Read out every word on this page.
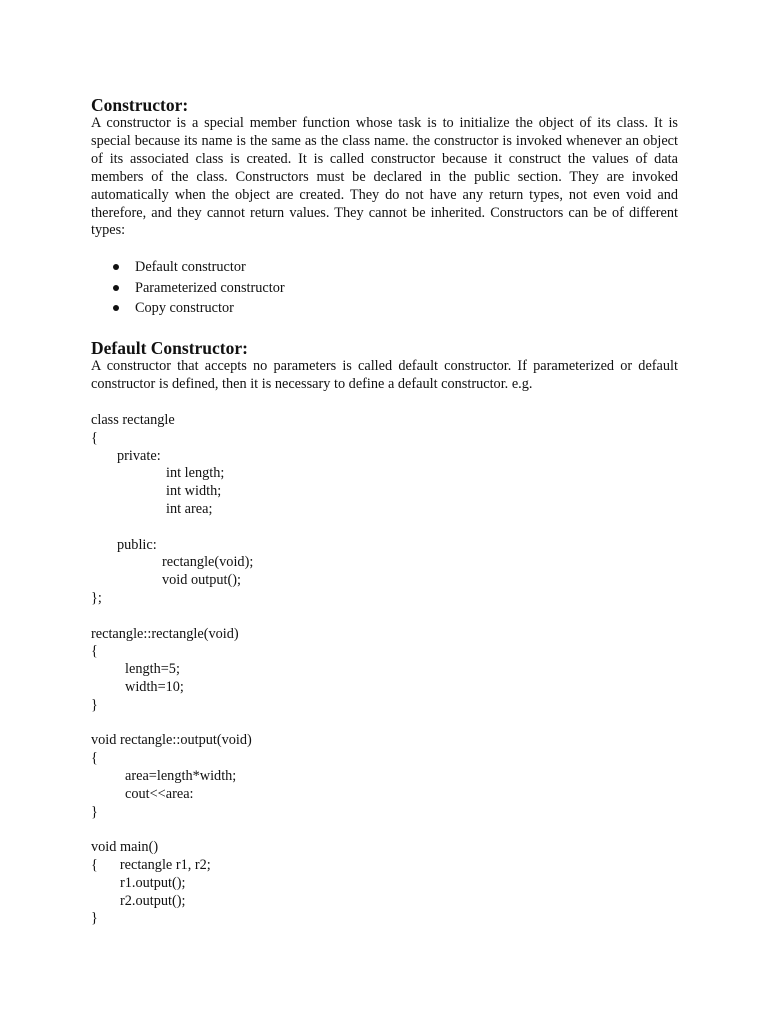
Constructor:

A constructor is a special member function whose task is to initialize the object of its class. It is special because its name is the same as the class name. the constructor is invoked whenever an object of its associated class is created. It is called constructor because it construct the values of data members of the class. Constructors must be declared in the public section. They are invoked automatically when the object are created. They do not have any return types, not even void and therefore, and they cannot return values. They cannot be inherited. Constructors can be of different types:

Default constructor
Parameterized constructor
Copy constructor
Default Constructor:

A constructor that accepts no parameters is called default constructor. If parameterized or default constructor is defined, then it is necessary to define a default constructor. e.g.

class rectangle
{
private:
int length;
int width;
int area;
public:
rectangle(void);
void output();
};
rectangle::rectangle(void)
{
length=5;
width=10;
}
void rectangle::output(void)
{
area=length*width;
cout<<area:
}
void main()
{ rectangle r1, r2;
r1.output();
r2.output();
}
